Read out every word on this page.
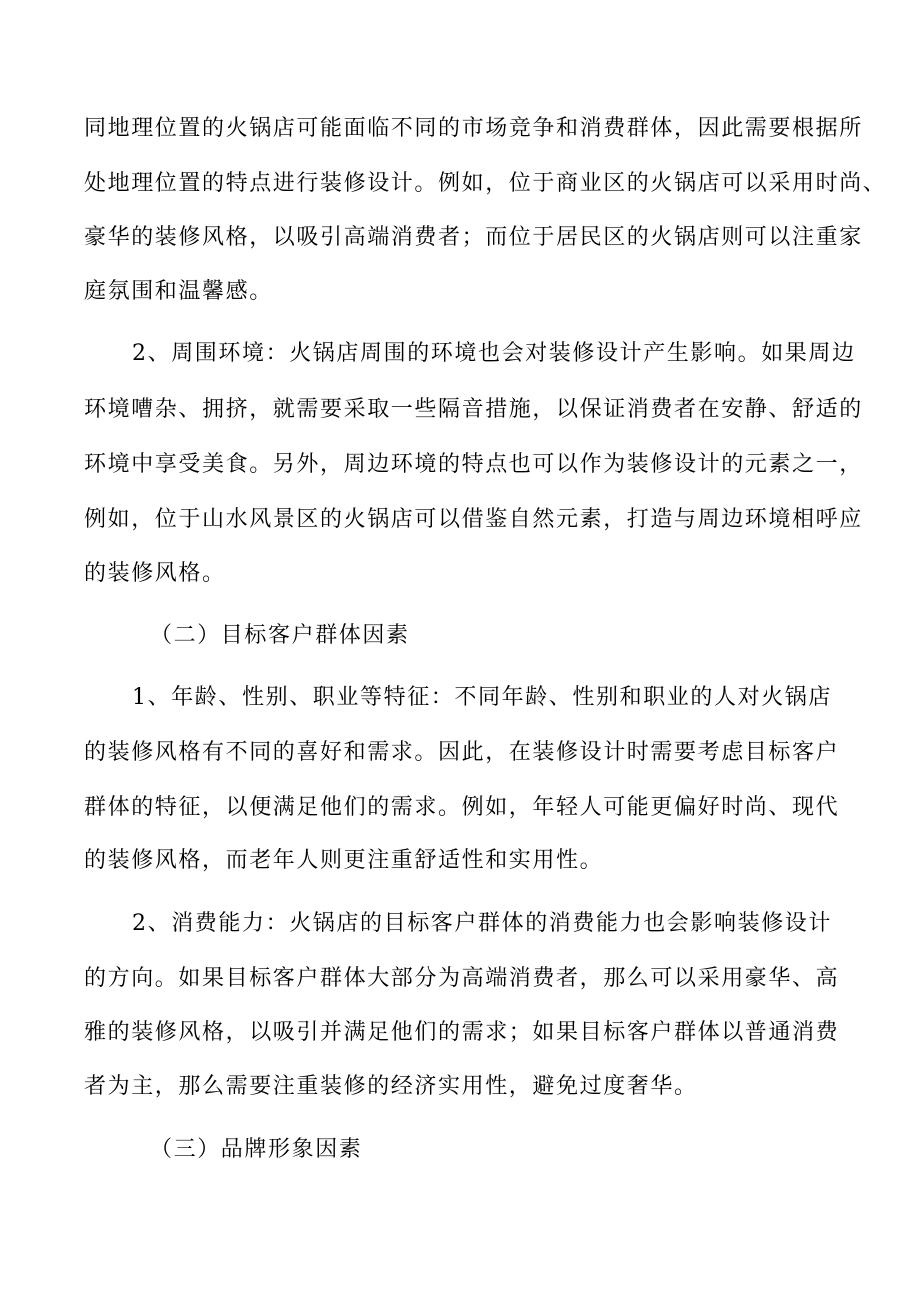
同地理位置的火锅店可能面临不同的市场竞争和消费群体，因此需要根据所
处地理位置的特点进行装修设计。例如，位于商业区的火锅店可以采用时尚、
豪华的装修风格，以吸引高端消费者；而位于居民区的火锅店则可以注重家
庭氛围和温馨感。
2、周围环境：火锅店周围的环境也会对装修设计产生影响。如果周边
环境嘈杂、拥挤，就需要采取一些隔音措施，以保证消费者在安静、舒适的
环境中享受美食。另外，周边环境的特点也可以作为装修设计的元素之一，
例如，位于山水风景区的火锅店可以借鉴自然元素，打造与周边环境相呼应
的装修风格。
（二）目标客户群体因素
1、年龄、性别、职业等特征：不同年龄、性别和职业的人对火锅店
的装修风格有不同的喜好和需求。因此，在装修设计时需要考虑目标客户
群体的特征，以便满足他们的需求。例如，年轻人可能更偏好时尚、现代
的装修风格，而老年人则更注重舒适性和实用性。
2、消费能力：火锅店的目标客户群体的消费能力也会影响装修设计
的方向。如果目标客户群体大部分为高端消费者，那么可以采用豪华、高
雅的装修风格，以吸引并满足他们的需求；如果目标客户群体以普通消费
者为主，那么需要注重装修的经济实用性，避免过度奢华。
（三）品牌形象因素
